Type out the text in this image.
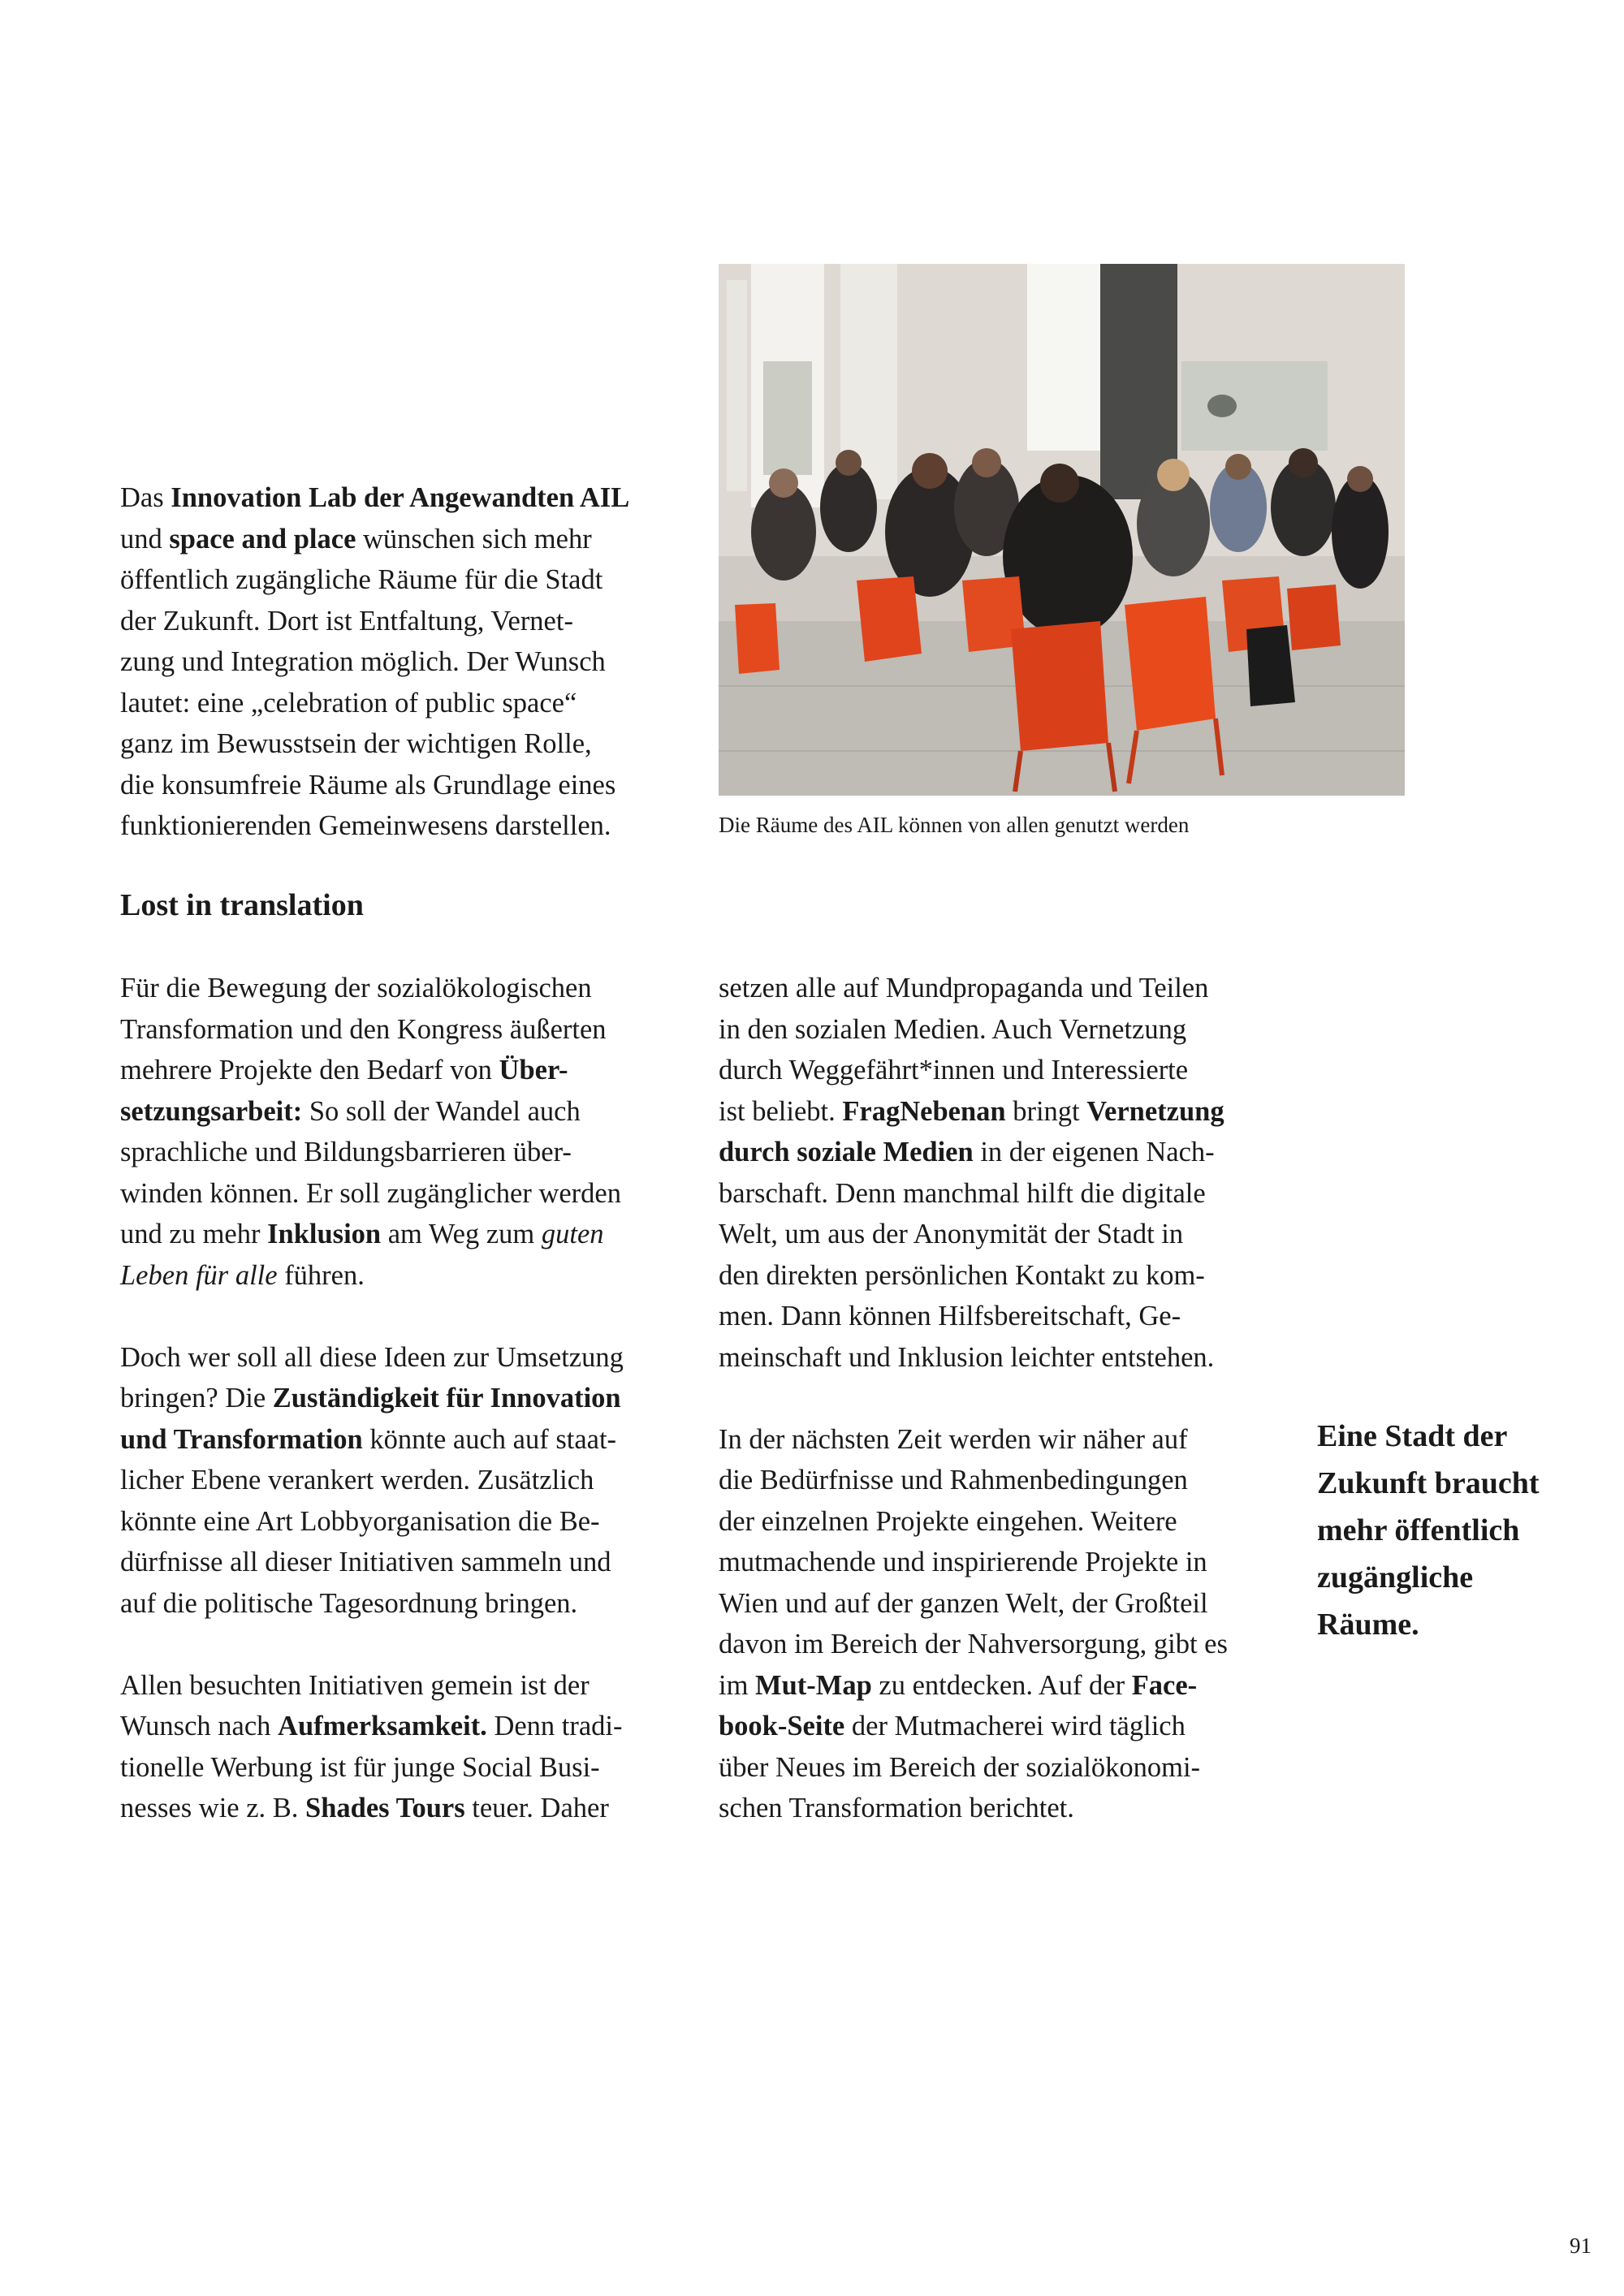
Das Innovation Lab der Angewandten AIL
und space and place wünschen sich mehr
öffentlich zugängliche Räume für die Stadt
der Zukunft. Dort ist Entfaltung, Vernet-
zung und Integration möglich. Der Wunsch
lautet: eine „celebration of public space“
ganz im Bewusstsein der wichtigen Rolle,
die konsumfreie Räume als Grundlage eines
funktionierenden Gemeinwesens darstellen.	Die Räume des AIL können von allen genutzt werden

Lost in translation

Für die Bewegung der sozialökologischen
Transformation und den Kongress äußerten
mehrere Projekte den Bedarf von Über-
setzungsarbeit: So soll der Wandel auch
sprachliche und Bildungsbarrieren über-
winden können. Er soll zugänglicher werden
und zu mehr Inklusion am Weg zum guten
Leben für alle führen.

Doch wer soll all diese Ideen zur Umsetzung
bringen? Die Zuständigkeit für Innovation
und Transformation könnte auch auf staat-
licher Ebene verankert werden. Zusätzlich
könnte eine Art Lobbyorganisation die Be-
dürfnisse all dieser Initiativen sammeln und
auf die politische Tagesordnung bringen.

Allen besuchten Initiativen gemein ist der
Wunsch nach Aufmerksamkeit. Denn tradi-
tionelle Werbung ist für junge Social Busi-
nesses wie z. B. Shades Tours teuer. Daher

setzen alle auf Mundpropaganda und Teilen
in den sozialen Medien. Auch Vernetzung
durch Weggefährt*innen und Interessierte
ist beliebt. FragNebenan bringt Vernetzung
durch soziale Medien in der eigenen Nach-
barschaft. Denn manchmal hilft die digitale
Welt, um aus der Anonymität der Stadt in
den direkten persönlichen Kontakt zu kom-
men. Dann können Hilfsbereitschaft, Ge-
meinschaft und Inklusion leichter entstehen.

In der nächsten Zeit werden wir näher auf
die Bedürfnisse und Rahmenbedingungen
der einzelnen Projekte eingehen. Weitere
mutmachende und inspirierende Projekte in
Wien und auf der ganzen Welt, der Großteil
davon im Bereich der Nahversorgung, gibt es
im Mut-Map zu entdecken. Auf der Face-
book-Seite der Mutmacherei wird täglich
über Neues im Bereich der sozialökonomi-
schen Transformation berichtet.

Eine Stadt der
Zukunft braucht
mehr öffentlich
zugängliche
Räume.

91
